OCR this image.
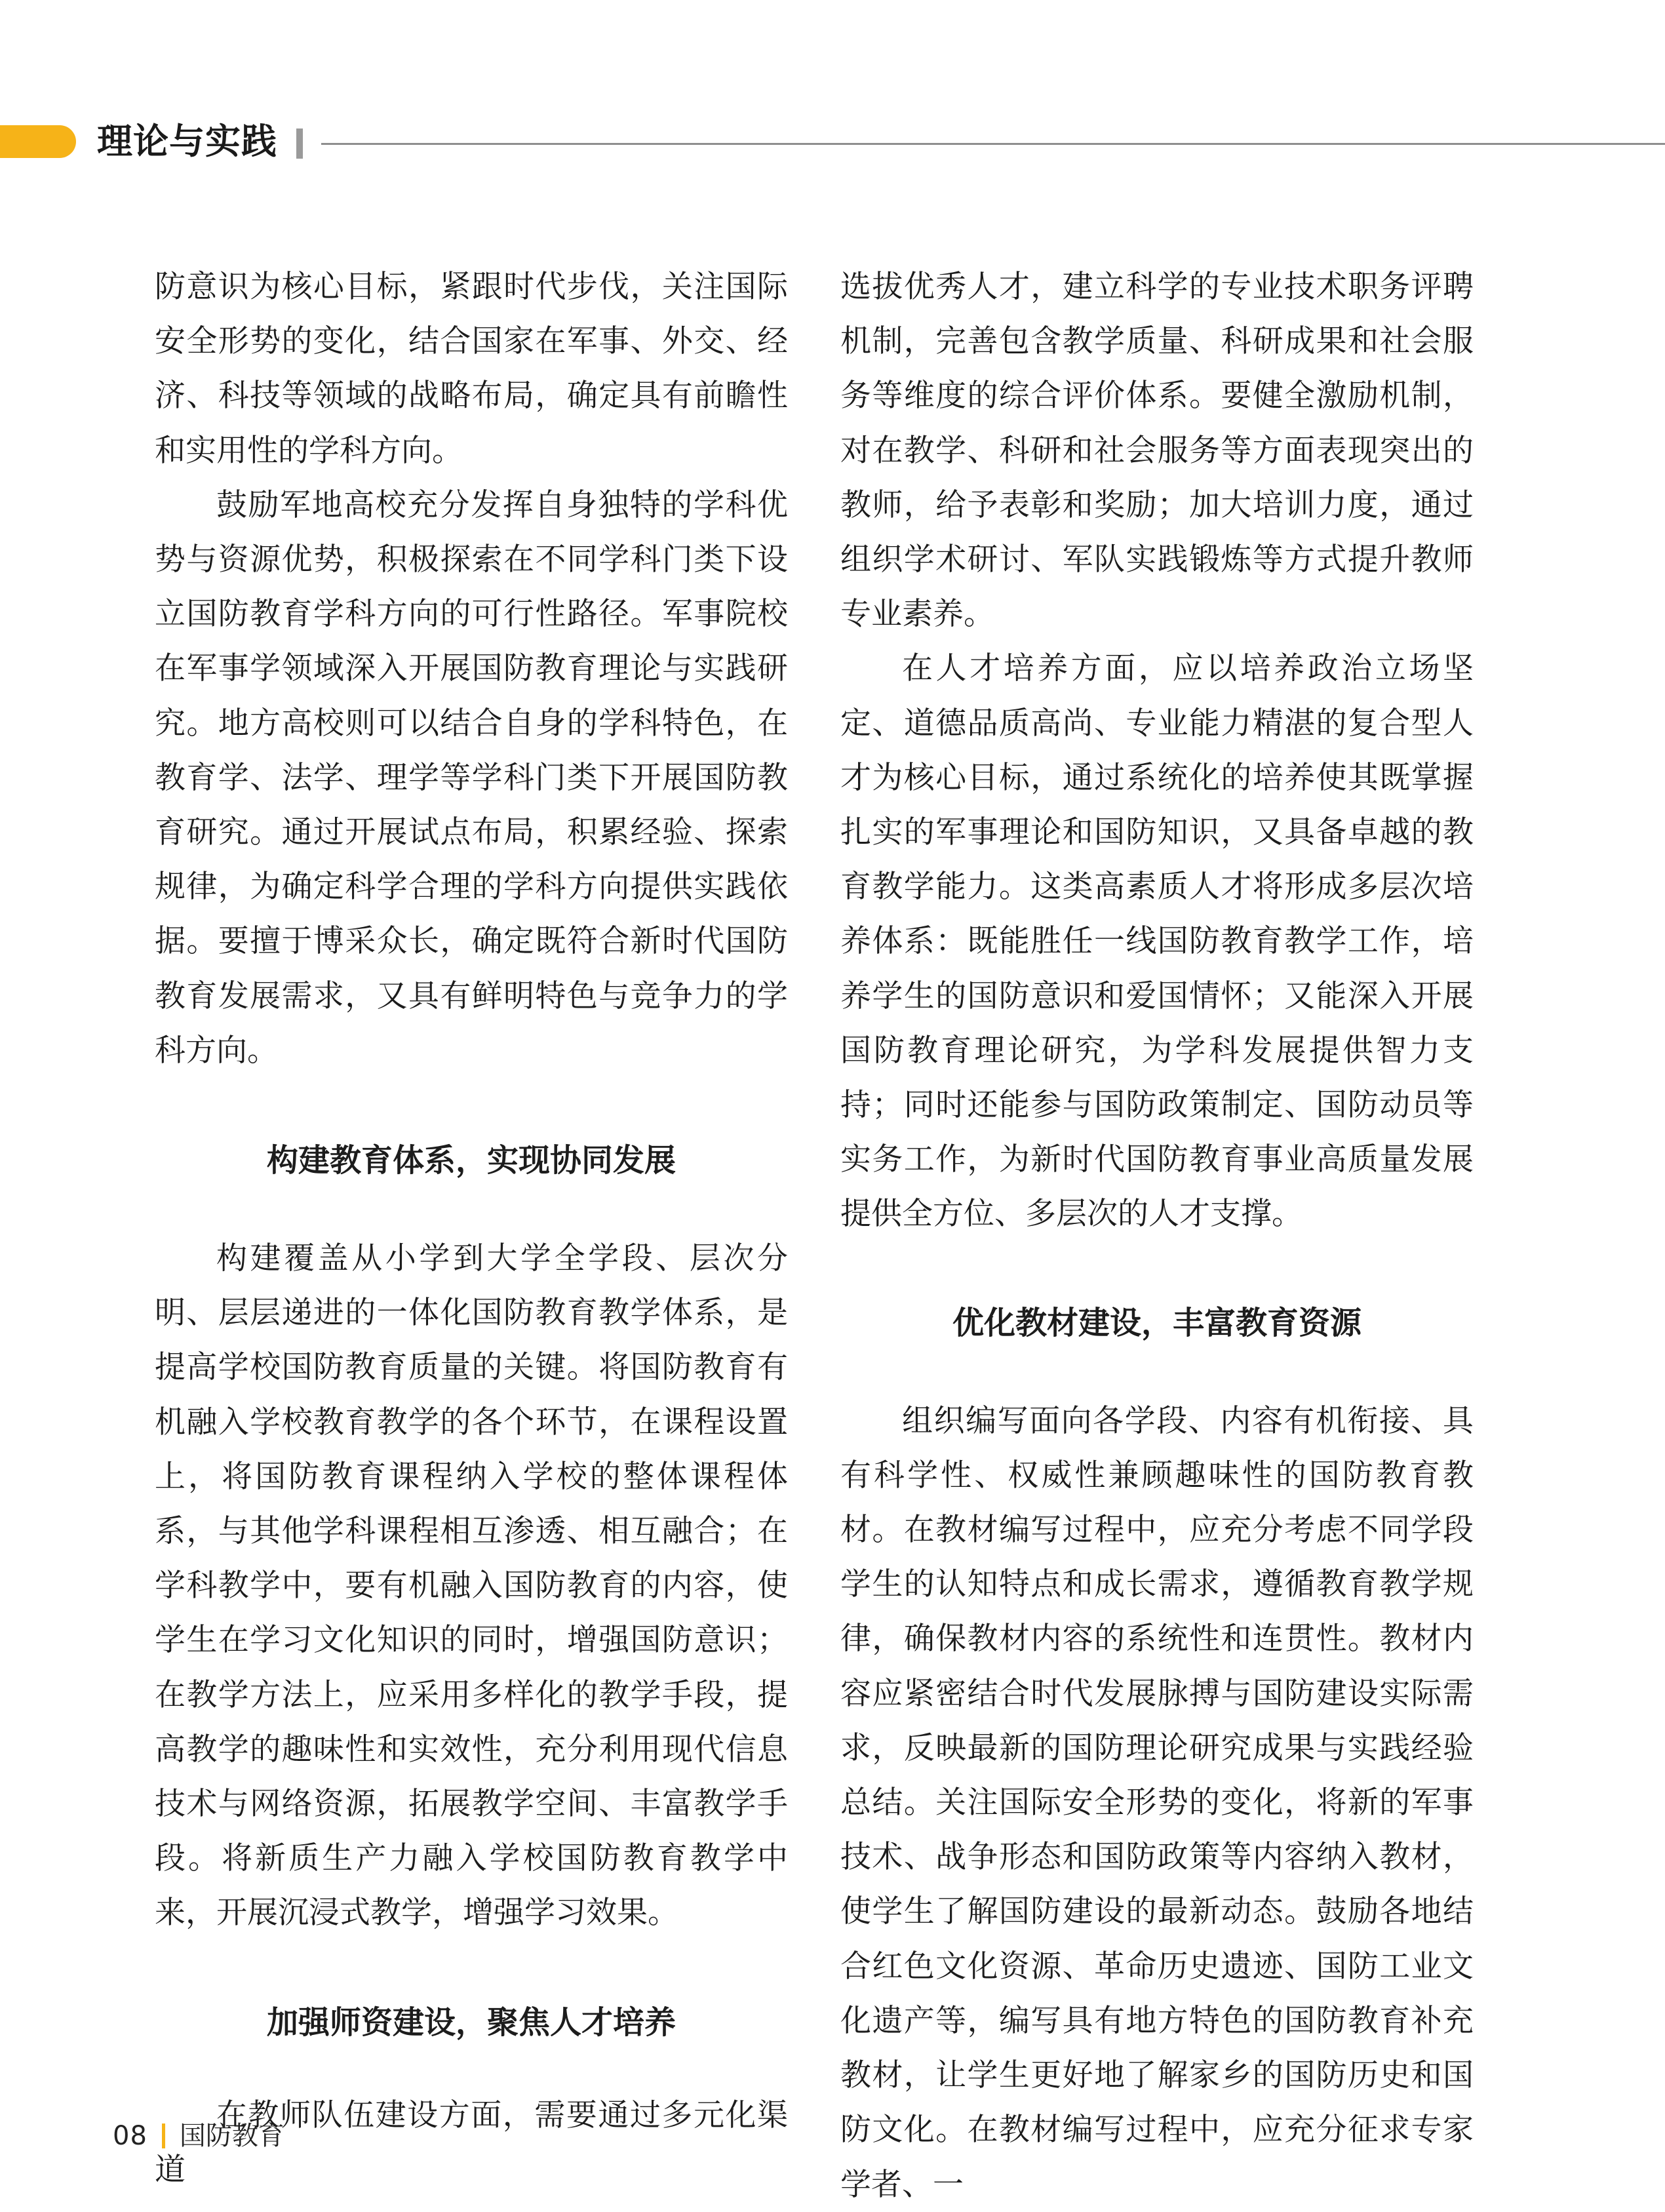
理论与实践

防意识为核心目标，紧跟时代步伐，关注国际安全形势的变化，结合国家在军事、外交、经济、科技等领域的战略布局，确定具有前瞻性和实用性的学科方向。

鼓励军地高校充分发挥自身独特的学科优势与资源优势，积极探索在不同学科门类下设立国防教育学科方向的可行性路径。军事院校在军事学领域深入开展国防教育理论与实践研究。地方高校则可以结合自身的学科特色，在教育学、法学、理学等学科门类下开展国防教育研究。通过开展试点布局，积累经验、探索规律，为确定科学合理的学科方向提供实践依据。要擅于博采众长，确定既符合新时代国防教育发展需求，又具有鲜明特色与竞争力的学科方向。

构建教育体系，实现协同发展

构建覆盖从小学到大学全学段、层次分明、层层递进的一体化国防教育教学体系，是提高学校国防教育质量的关键。将国防教育有机融入学校教育教学的各个环节，在课程设置上，将国防教育课程纳入学校的整体课程体系，与其他学科课程相互渗透、相互融合；在学科教学中，要有机融入国防教育的内容，使学生在学习文化知识的同时，增强国防意识；在教学方法上，应采用多样化的教学手段，提高教学的趣味性和实效性，充分利用现代信息技术与网络资源，拓展教学空间、丰富教学手段。将新质生产力融入学校国防教育教学中来，开展沉浸式教学，增强学习效果。

加强师资建设，聚焦人才培养

在教师队伍建设方面，需要通过多元化渠道

选拔优秀人才，建立科学的专业技术职务评聘机制，完善包含教学质量、科研成果和社会服务等维度的综合评价体系。要健全激励机制，对在教学、科研和社会服务等方面表现突出的教师，给予表彰和奖励；加大培训力度，通过组织学术研讨、军队实践锻炼等方式提升教师专业素养。

在人才培养方面，应以培养政治立场坚定、道德品质高尚、专业能力精湛的复合型人才为核心目标，通过系统化的培养使其既掌握扎实的军事理论和国防知识，又具备卓越的教育教学能力。这类高素质人才将形成多层次培养体系：既能胜任一线国防教育教学工作，培养学生的国防意识和爱国情怀；又能深入开展国防教育理论研究，为学科发展提供智力支持；同时还能参与国防政策制定、国防动员等实务工作，为新时代国防教育事业高质量发展提供全方位、多层次的人才支撑。

优化教材建设，丰富教育资源

组织编写面向各学段、内容有机衔接、具有科学性、权威性兼顾趣味性的国防教育教材。在教材编写过程中，应充分考虑不同学段学生的认知特点和成长需求，遵循教育教学规律，确保教材内容的系统性和连贯性。教材内容应紧密结合时代发展脉搏与国防建设实际需求，反映最新的国防理论研究成果与实践经验总结。关注国际安全形势的变化，将新的军事技术、战争形态和国防政策等内容纳入教材，使学生了解国防建设的最新动态。鼓励各地结合红色文化资源、革命历史遗迹、国防工业文化遗产等，编写具有地方特色的国防教育补充教材，让学生更好地了解家乡的国防历史和国防文化。在教材编写过程中，应充分征求专家学者、一

08 国防教育
